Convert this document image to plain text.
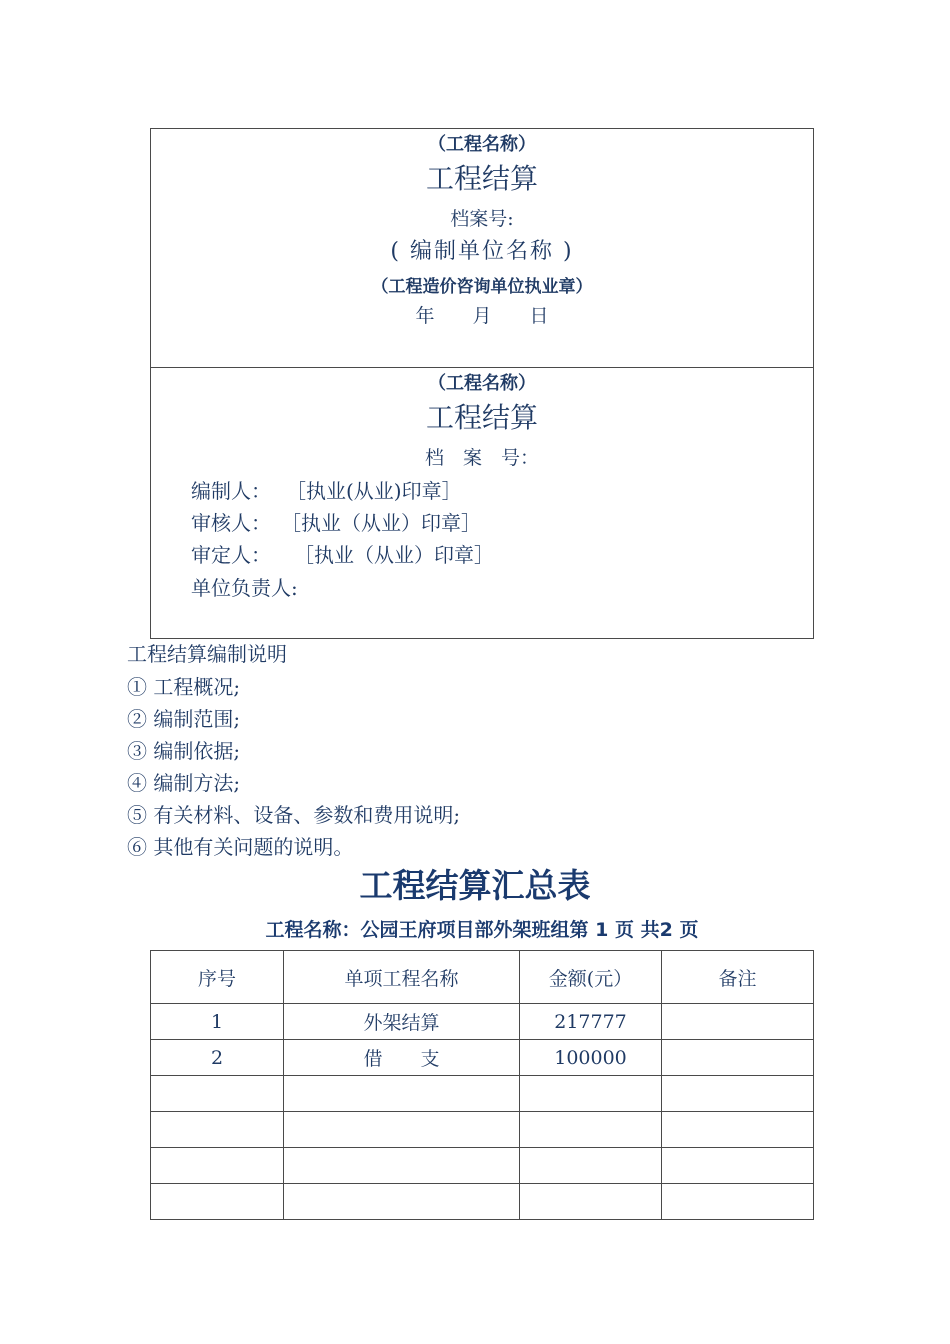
（工程名称）
工程结算
档案号:
( 编制单位名称 )
（工程造价咨询单位执业章）
年　　月　　日
（工程名称）
工程结算
档　案　号：
编制人： ［执业(从业)印章］
审核人： ［执业（从业）印章］
审定人： ［执业（从业）印章］
单位负责人:
工程结算编制说明
① 工程概况;
② 编制范围;
③ 编制依据;
④ 编制方法;
⑤ 有关材料、设备、参数和费用说明;
⑥ 其他有关问题的说明。
工程结算汇总表
工程名称：公园王府项目部外架班组第 1 页 共2 页
序号	单项工程名称	金额(元）	备注
1	外架结算	217777	
2	借　　支	100000	
